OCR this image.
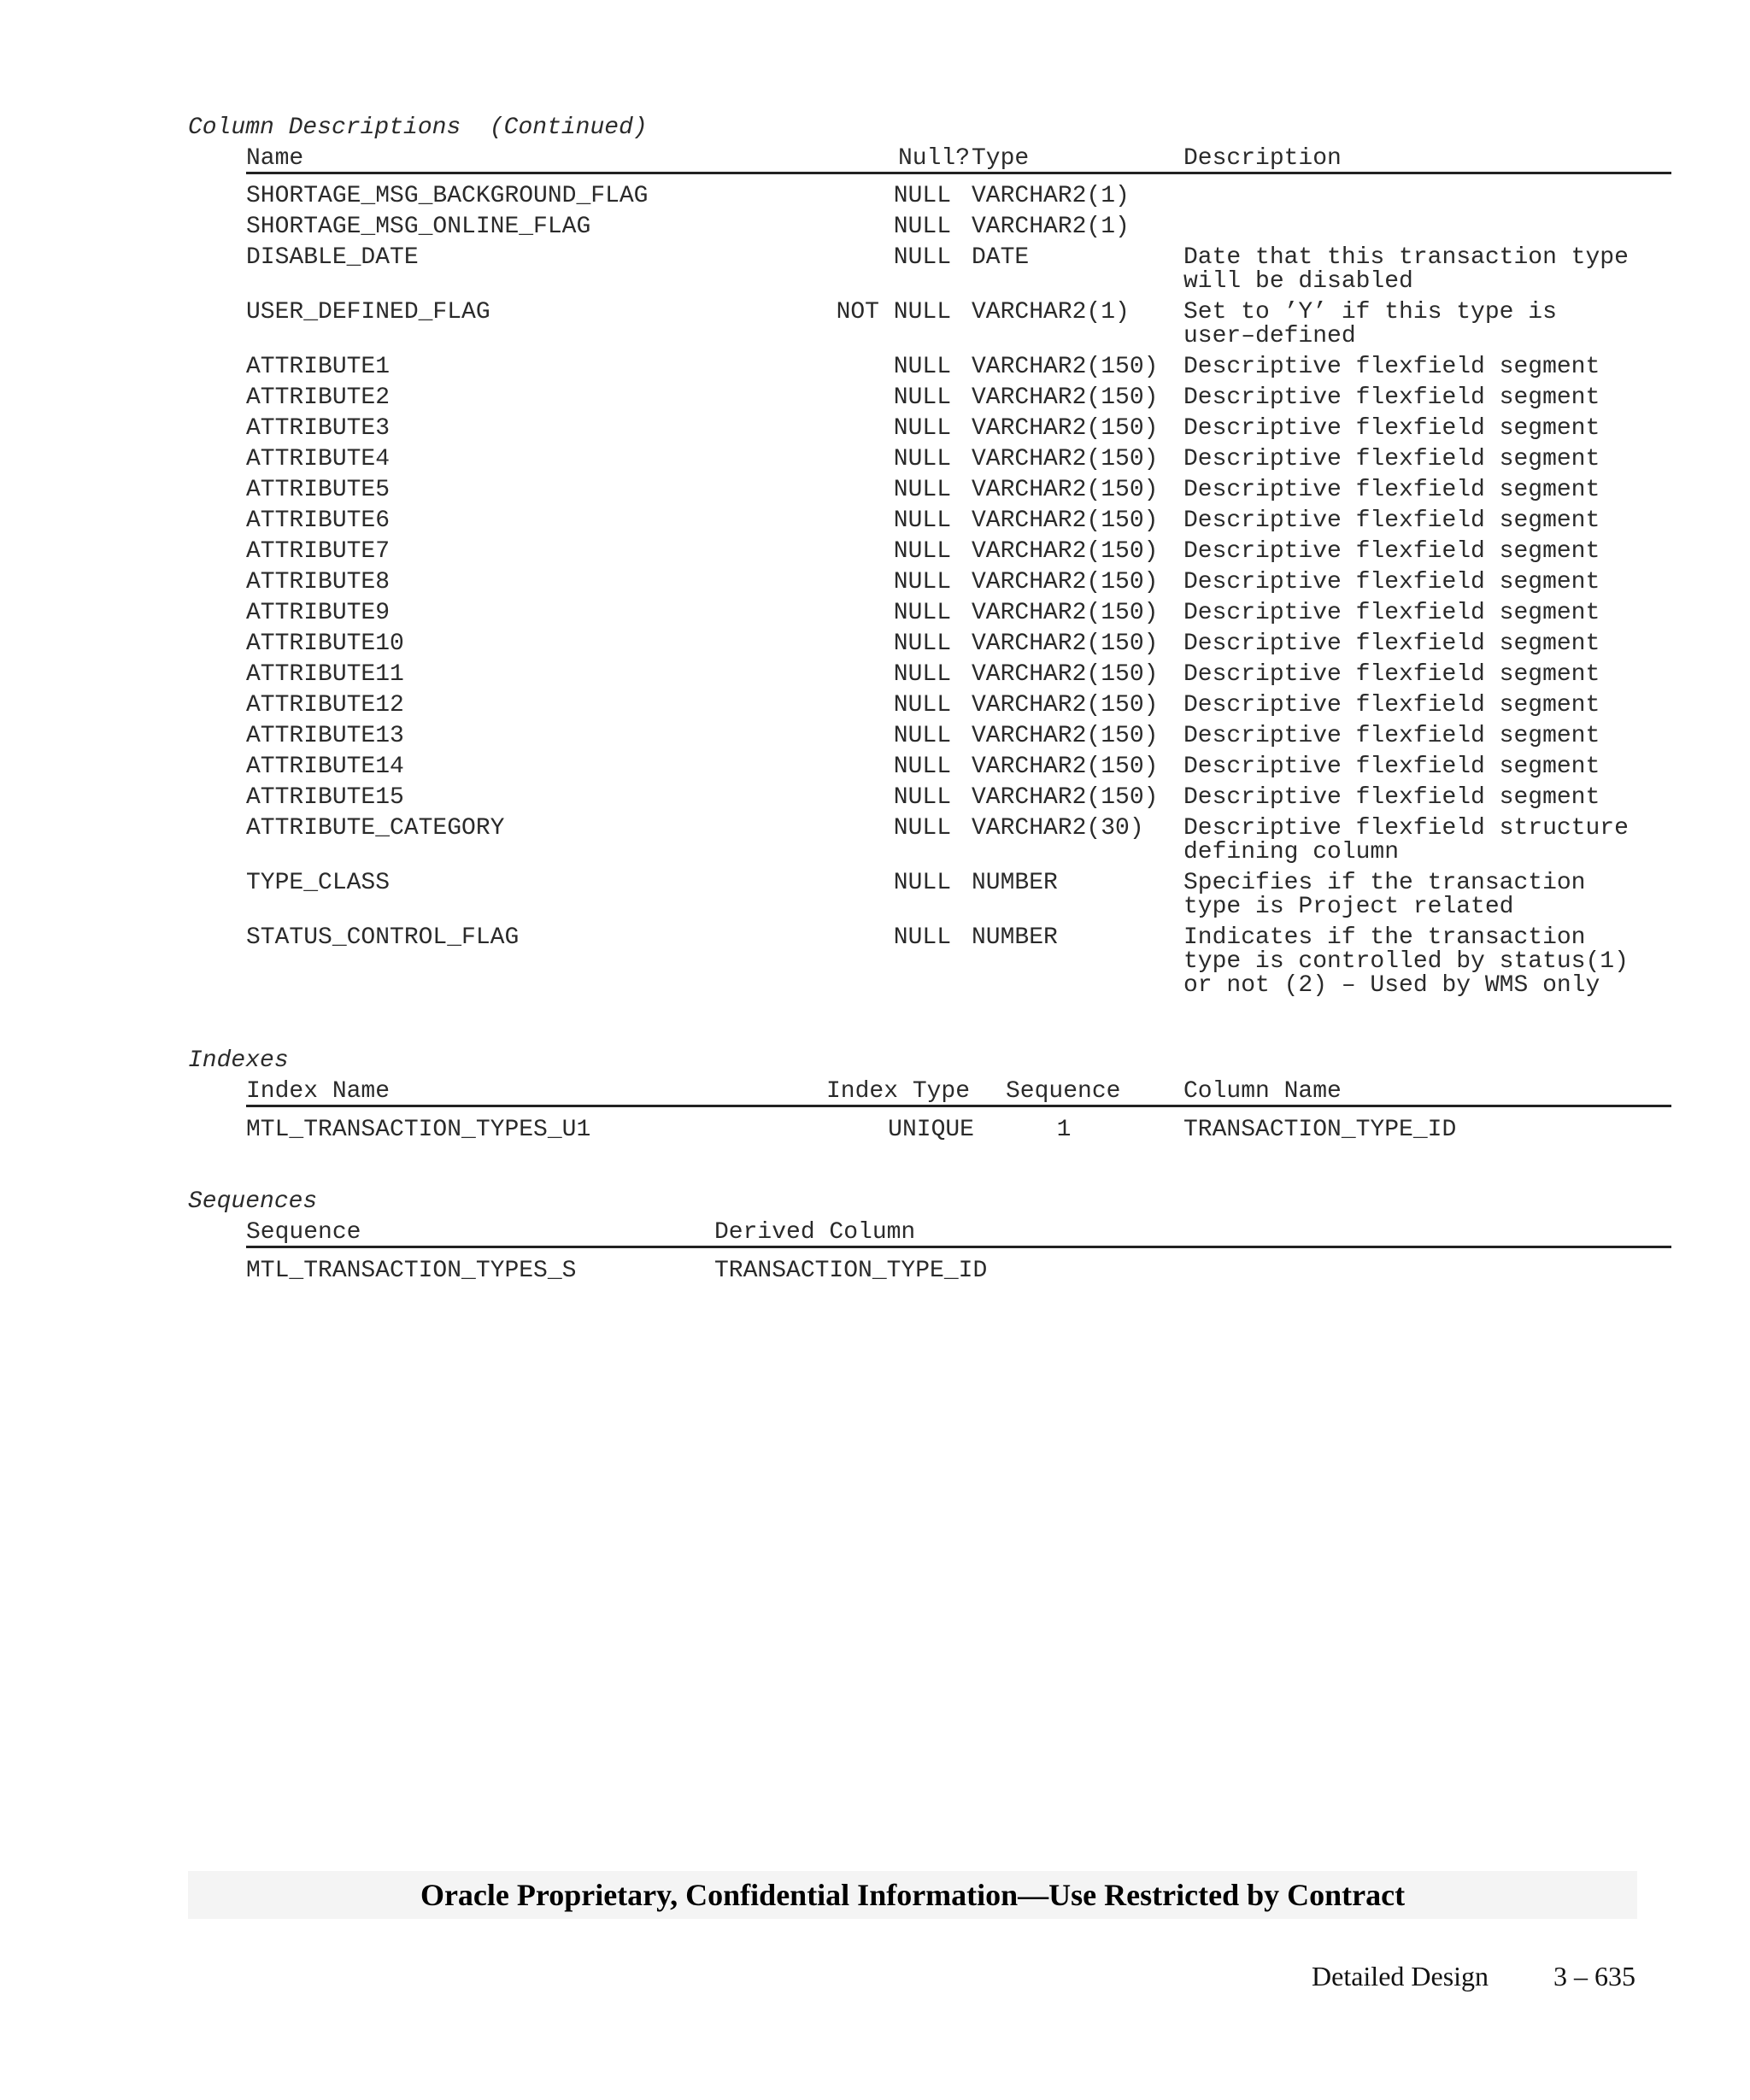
Column Descriptions  (Continued)
Name	Null? Type	Description
SHORTAGE_MSG_BACKGROUND_FLAG	NULL VARCHAR2(1)
SHORTAGE_MSG_ONLINE_FLAG	NULL VARCHAR2(1)
DISABLE_DATE	NULL DATE	Date that this transaction type
will be disabled
USER_DEFINED_FLAG	NOT NULL VARCHAR2(1) Set to ’Y’ if this type is
user–defined
ATTRIBUTE1	NULL VARCHAR2(150) Descriptive flexfield segment
ATTRIBUTE2	NULL VARCHAR2(150) Descriptive flexfield segment
ATTRIBUTE3	NULL VARCHAR2(150) Descriptive flexfield segment
ATTRIBUTE4	NULL VARCHAR2(150) Descriptive flexfield segment
ATTRIBUTE5	NULL VARCHAR2(150) Descriptive flexfield segment
ATTRIBUTE6	NULL VARCHAR2(150) Descriptive flexfield segment
ATTRIBUTE7	NULL VARCHAR2(150) Descriptive flexfield segment
ATTRIBUTE8	NULL VARCHAR2(150) Descriptive flexfield segment
ATTRIBUTE9	NULL VARCHAR2(150) Descriptive flexfield segment
ATTRIBUTE10	NULL VARCHAR2(150) Descriptive flexfield segment
ATTRIBUTE11	NULL VARCHAR2(150) Descriptive flexfield segment
ATTRIBUTE12	NULL VARCHAR2(150) Descriptive flexfield segment
ATTRIBUTE13	NULL VARCHAR2(150) Descriptive flexfield segment
ATTRIBUTE14	NULL VARCHAR2(150) Descriptive flexfield segment
ATTRIBUTE15	NULL VARCHAR2(150) Descriptive flexfield segment
ATTRIBUTE_CATEGORY	NULL VARCHAR2(30) Descriptive flexfield structure
defining column
TYPE_CLASS	NULL NUMBER	Specifies if the transaction
type is Project related
STATUS_CONTROL_FLAG	NULL NUMBER	Indicates if the transaction
type is controlled by status(1)
or not (2) – Used by WMS only
Indexes
Index Name	Index Type Sequence	Column Name
MTL_TRANSACTION_TYPES_U1	UNIQUE	1	TRANSACTION_TYPE_ID
Sequences
Sequence	Derived Column
MTL_TRANSACTION_TYPES_S	TRANSACTION_TYPE_ID
Oracle Proprietary, Confidential Information––Use Restricted by Contract
Detailed Design 3 – 635
